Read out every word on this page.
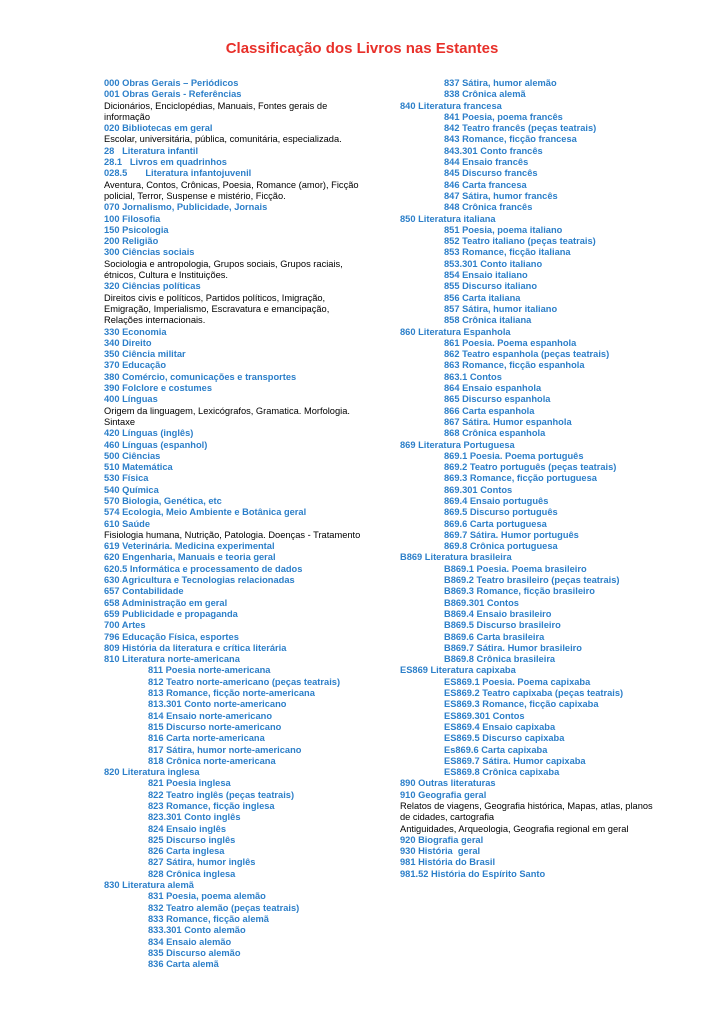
Classificação dos Livros nas Estantes
000 Obras Gerais – Periódicos
001 Obras Gerais - Referências
Dicionários, Enciclopédias, Manuais, Fontes gerais de informação
020 Bibliotecas em geral
Escolar, universitária, pública, comunitária, especializada.
28   Literatura infantil
28.1   Livros em quadrinhos
028.5       Literatura infantojuvenil
Aventura, Contos, Crônicas, Poesia, Romance (amor), Ficção policial, Terror, Suspense e mistério, Ficção.
070 Jornalismo, Publicidade, Jornais
100 Filosofia
150 Psicologia
200 Religião
300 Ciências sociais
Sociologia e antropologia, Grupos sociais, Grupos raciais, étnicos, Cultura e Instituições.
320 Ciências políticas
Direitos civis e políticos, Partidos políticos, Imigração, Emigração, Imperialismo, Escravatura e emancipação, Relações internacionais.
330 Economia
340 Direito
350 Ciência militar
370 Educação
380 Comércio, comunicações e transportes
390 Folclore e costumes
400 Línguas
Origem da linguagem, Lexicógrafos, Gramatica. Morfologia. Sintaxe
420 Línguas (inglês)
460 Línguas (espanhol)
500 Ciências
510 Matemática
530 Física
540 Química
570 Biologia, Genética, etc
574 Ecologia, Meio Ambiente e Botânica geral
610 Saúde
Fisiologia humana, Nutrição, Patologia. Doenças - Tratamento
619 Veterinária. Medicina experimental
620 Engenharia, Manuais e teoria geral
620.5 Informática e processamento de dados
630 Agricultura e Tecnologias relacionadas
657 Contabilidade
658 Administração em geral
659 Publicidade e propaganda
700 Artes
796 Educação Física, esportes
809 História da literatura e crítica literária
810 Literatura norte-americana
811 Poesia norte-americana
812 Teatro norte-americano (peças teatrais)
813 Romance, ficção norte-americana
813.301 Conto norte-americano
814 Ensaio norte-americano
815 Discurso norte-americano
816 Carta norte-americana
817 Sátira, humor norte-americano
818 Crônica norte-americana
820 Literatura inglesa
821 Poesia inglesa
822 Teatro inglês (peças teatrais)
823 Romance, ficção inglesa
823.301 Conto inglês
824 Ensaio inglês
825 Discurso inglês
826 Carta inglesa
827 Sátira, humor inglês
828 Crônica inglesa
830 Literatura alemã
831 Poesia, poema alemão
832 Teatro alemão (peças teatrais)
833 Romance, ficção alemã
833.301 Conto alemão
834 Ensaio alemão
835 Discurso alemão
836 Carta alemã
837 Sátira, humor alemão
838 Crônica alemã
840 Literatura francesa
841 Poesia, poema francês
842 Teatro francês (peças teatrais)
843 Romance, ficção francesa
843.301 Conto francês
844 Ensaio francês
845 Discurso francês
846 Carta francesa
847 Sátira, humor francês
848 Crônica francês
850 Literatura italiana
851 Poesia, poema italiano
852 Teatro italiano (peças teatrais)
853 Romance, ficção italiana
853.301 Conto italiano
854 Ensaio italiano
855 Discurso italiano
856 Carta italiana
857 Sátira, humor italiano
858 Crônica italiana
860 Literatura Espanhola
861 Poesia. Poema espanhola
862 Teatro espanhola (peças teatrais)
863 Romance, ficção espanhola
863.1 Contos
864 Ensaio espanhola
865 Discurso espanhola
866 Carta espanhola
867 Sátira. Humor espanhola
868 Crônica espanhola
869 Literatura Portuguesa
869.1 Poesia. Poema português
869.2 Teatro português (peças teatrais)
869.3 Romance, ficção portuguesa
869.301 Contos
869.4 Ensaio português
869.5 Discurso português
869.6 Carta portuguesa
869.7 Sátira. Humor português
869.8 Crônica portuguesa
B869 Literatura brasileira
B869.1 Poesia. Poema brasileiro
B869.2 Teatro brasileiro (peças teatrais)
B869.3 Romance, ficção brasileiro
B869.301 Contos
B869.4 Ensaio brasileiro
B869.5 Discurso brasileiro
B869.6 Carta brasileira
B869.7 Sátira. Humor brasileiro
B869.8 Crônica brasileira
ES869 Literatura capixaba
ES869.1 Poesia. Poema capixaba
ES869.2 Teatro capixaba (peças teatrais)
ES869.3 Romance, ficção capixaba
ES869.301 Contos
ES869.4 Ensaio capixaba
ES869.5 Discurso capixaba
Es869.6 Carta capixaba
ES869.7 Sátira. Humor capixaba
ES869.8 Crônica capixaba
890 Outras literaturas
910 Geografia geral
Relatos de viagens, Geografia histórica, Mapas, atlas, planos de cidades, cartografia
Antiguidades, Arqueologia, Geografia regional em geral
920 Biografia geral
930 História  geral
981 História do Brasil
981.52 História do Espírito Santo
